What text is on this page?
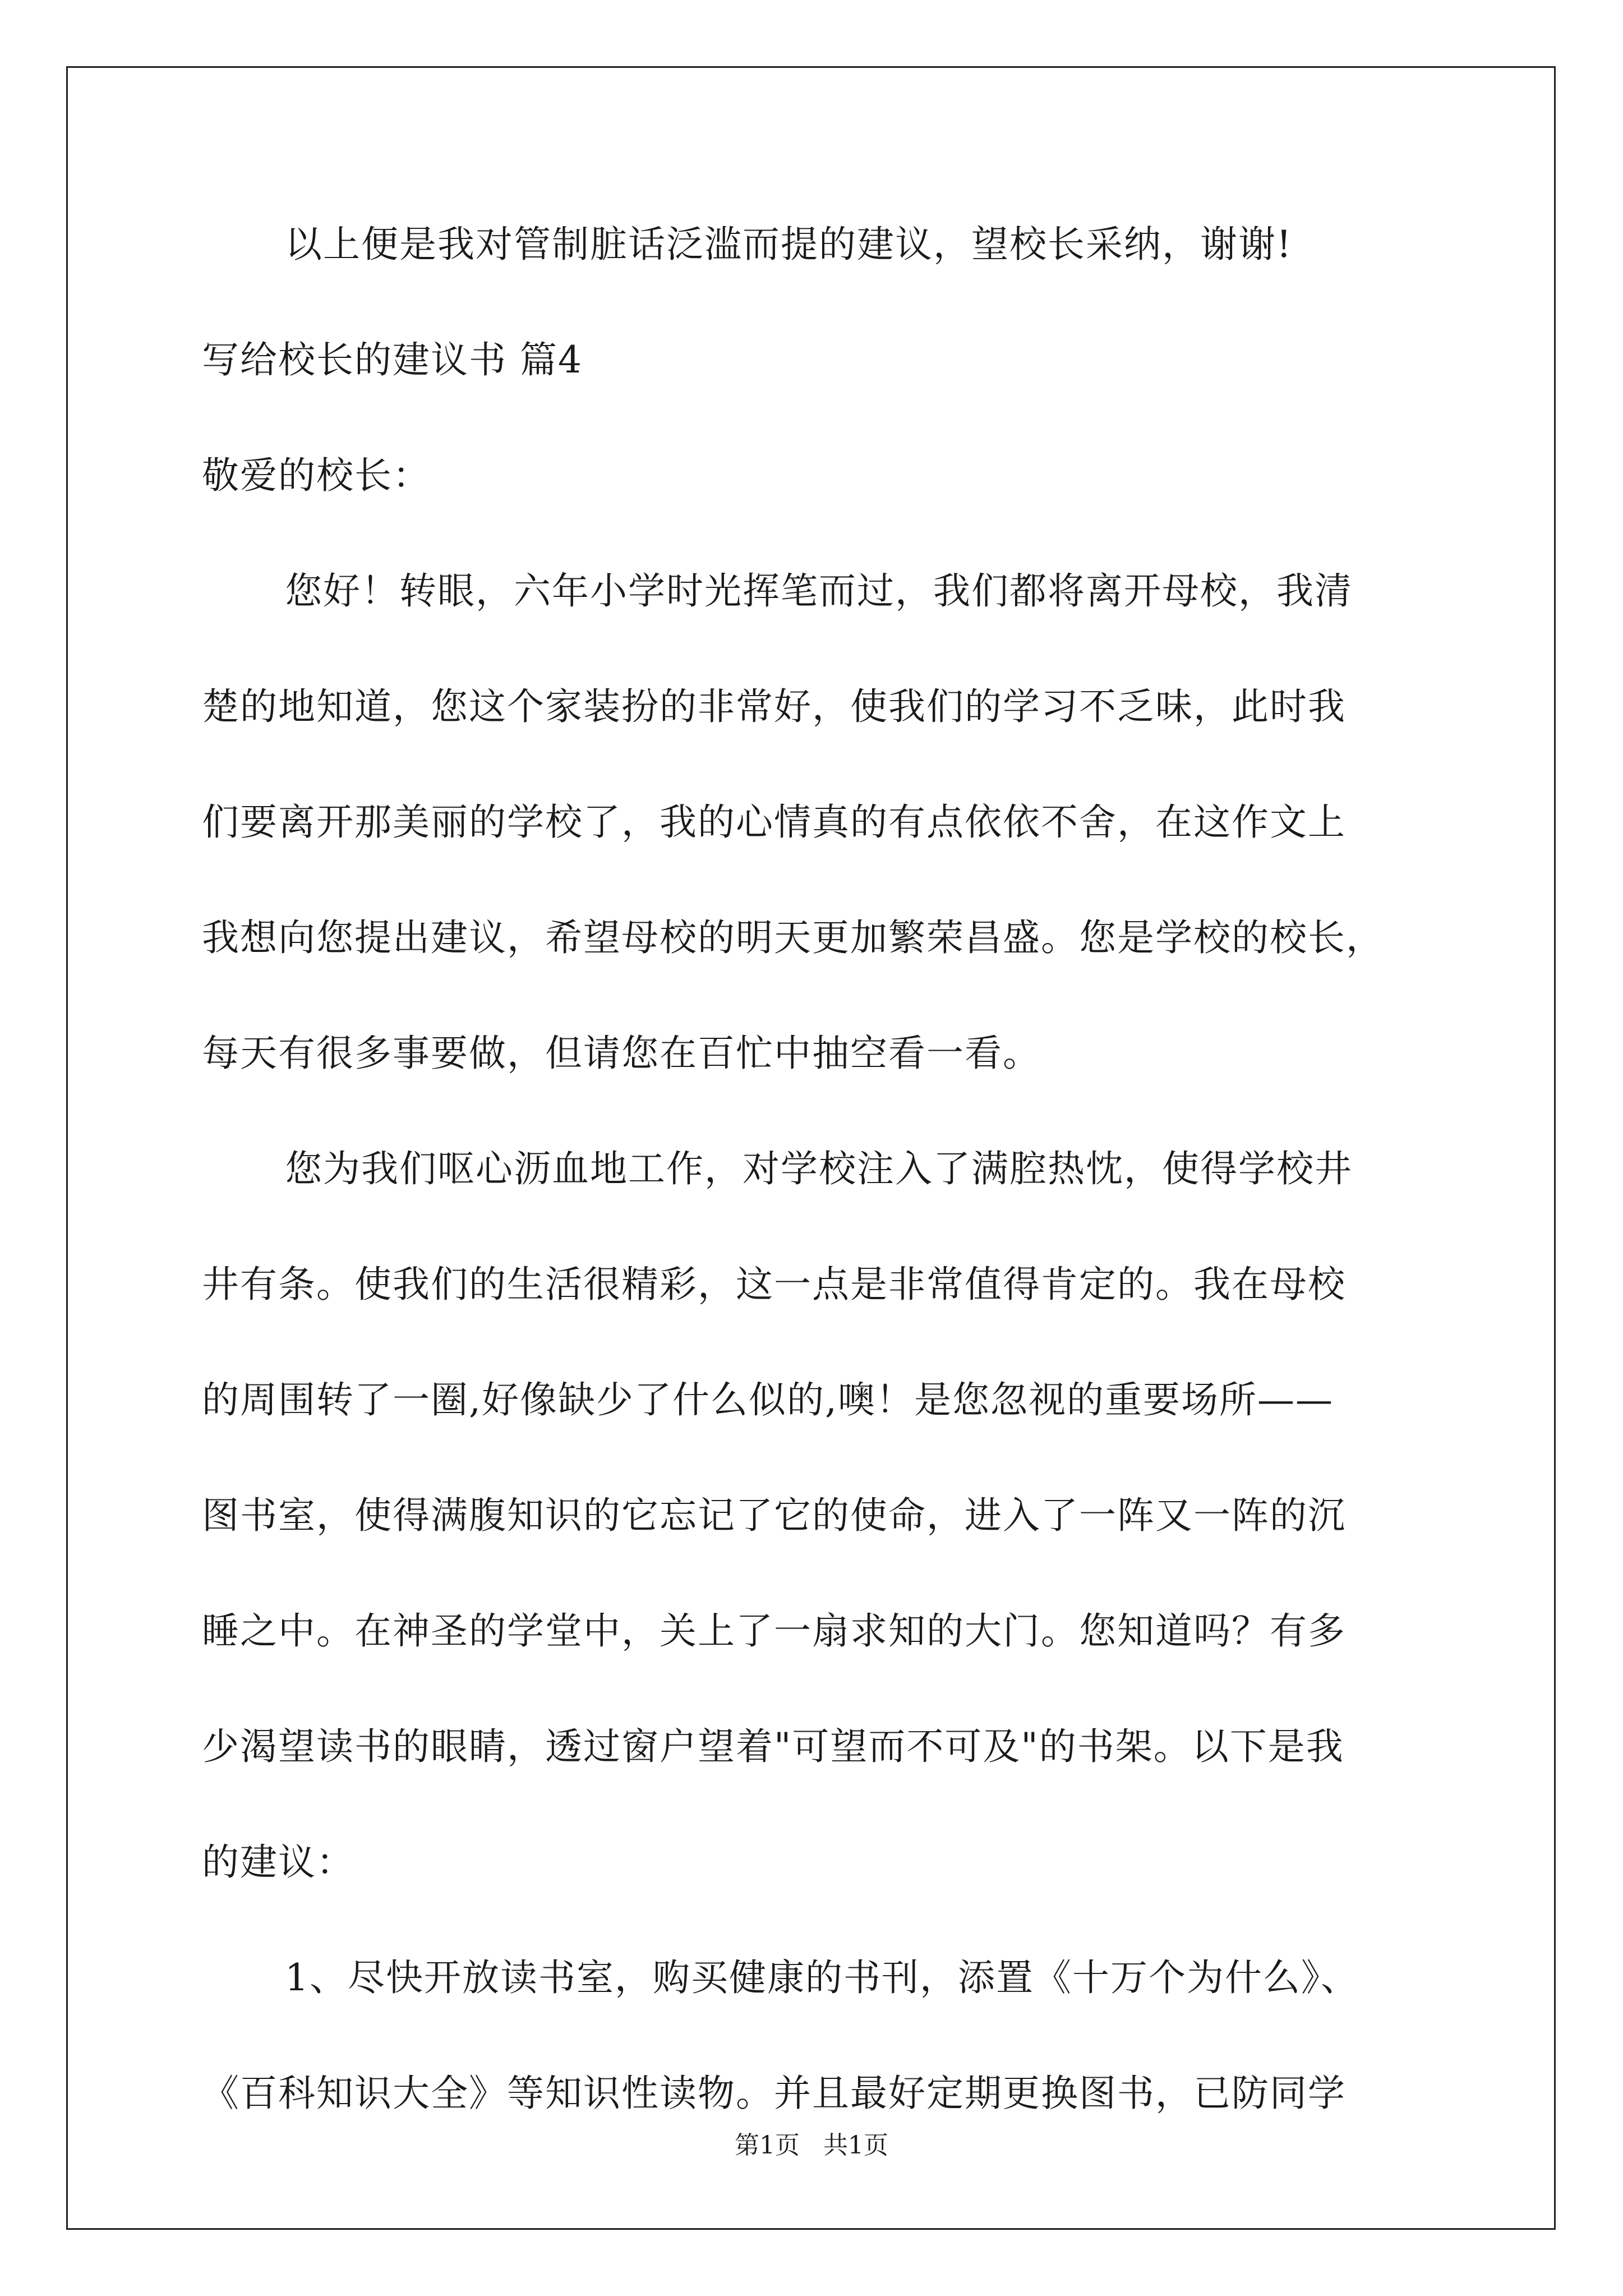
以上便是我对管制脏话泛滥而提的建议，望校长采纳，谢谢!
写给校长的建议书 篇4
敬爱的校长：
您好！转眼，六年小学时光挥笔而过，我们都将离开母校，我清
楚的地知道，您这个家装扮的非常好，使我们的学习不乏味，此时我
们要离开那美丽的学校了，我的心情真的有点依依不舍，在这作文上
我想向您提出建议，希望母校的明天更加繁荣昌盛。您是学校的校长，
每天有很多事要做，但请您在百忙中抽空看一看。
您为我们呕心沥血地工作，对学校注入了满腔热忱，使得学校井
井有条。使我们的生活很精彩，这一点是非常值得肯定的。我在母校
的周围转了一圈,好像缺少了什么似的,噢！是您忽视的重要场所——
图书室，使得满腹知识的它忘记了它的使命，进入了一阵又一阵的沉
睡之中。在神圣的学堂中，关上了一扇求知的大门。您知道吗？有多
少渴望读书的眼睛，透过窗户望着"可望而不可及"的书架。以下是我
的建议：
1、尽快开放读书室，购买健康的书刊，添置《十万个为什么》、
《百科知识大全》等知识性读物。并且最好定期更换图书，已防同学
第1页   共1页
